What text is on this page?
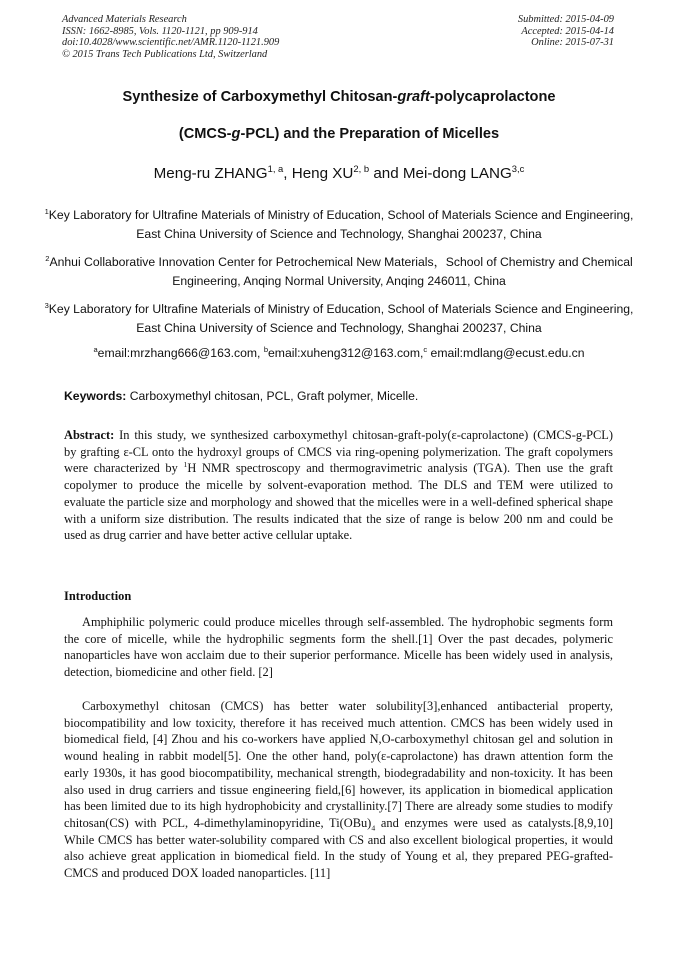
Advanced Materials Research
ISSN: 1662-8985, Vols. 1120-1121, pp 909-914
doi:10.4028/www.scientific.net/AMR.1120-1121.909
© 2015 Trans Tech Publications Ltd, Switzerland
Submitted: 2015-04-09
Accepted: 2015-04-14
Online: 2015-07-31
Synthesize of Carboxymethyl Chitosan-graft-polycaprolactone
(CMCS-g-PCL) and the Preparation of Micelles
Meng-ru ZHANG$^{1, a}$, Heng XU$^{2, b}$ and Mei-dong LANG$^{3,c}$
$^1$Key Laboratory for Ultrafine Materials of Ministry of Education, School of Materials Science and Engineering, East China University of Science and Technology, Shanghai 200237, China
$^2$Anhui Collaborative Innovation Center for Petrochemical New Materials，School of Chemistry and Chemical Engineering, Anqing Normal University, Anqing 246011, China
$^3$Key Laboratory for Ultrafine Materials of Ministry of Education, School of Materials Science and Engineering, East China University of Science and Technology, Shanghai 200237, China
$^a$email:mrzhang666@163.com, $^b$email:xuheng312@163.com,$^c$ email:mdlang@ecust.edu.cn
Keywords: Carboxymethyl chitosan, PCL, Graft polymer, Micelle.
Abstract: In this study, we synthesized carboxymethyl chitosan-graft-poly(ε-caprolactone) (CMCS-g-PCL) by grafting ε-CL onto the hydroxyl groups of CMCS via ring-opening polymerization. The graft copolymers were characterized by $^1$H NMR spectroscopy and thermogravimetric analysis (TGA). Then use the graft copolymer to produce the micelle by solvent-evaporation method. The DLS and TEM were utilized to evaluate the particle size and morphology and showed that the micelles were in a well-defined spherical shape with a uniform size distribution. The results indicated that the size of range is below 200 nm and could be used as drug carrier and have better active cellular uptake.
Introduction
Amphiphilic polymeric could produce micelles through self-assembled. The hydrophobic segments form the core of micelle, while the hydrophilic segments form the shell.[1] Over the past decades, polymeric nanoparticles have won acclaim due to their superior performance. Micelle has been widely used in analysis, detection, biomedicine and other field. [2]
Carboxymethyl chitosan (CMCS) has better water solubility[3],enhanced antibacterial property, biocompatibility and low toxicity, therefore it has received much attention. CMCS has been widely used in biomedical field, [4] Zhou and his co-workers have applied N,O-carboxymethyl chitosan gel and solution in wound healing in rabbit model[5]. One the other hand, poly(ε-caprolactone) has drawn attention form the early 1930s, it has good biocompatibility, mechanical strength, biodegradability and non-toxicity. It has been also used in drug carriers and tissue engineering field,[6] however, its application in biomedical application has been limited due to its high hydrophobicity and crystallinity.[7] There are already some studies to modify chitosan(CS) with PCL, 4-dimethylaminopyridine, $Ti(OBu)_4$ and enzymes were used as catalysts.[8,9,10] While CMCS has better water-solubility compared with CS and also excellent biological properties, it would also achieve great application in biomedical field. In the study of Young et al, they prepared PEG-grafted-CMCS and produced DOX loaded nanoparticles. [11]
